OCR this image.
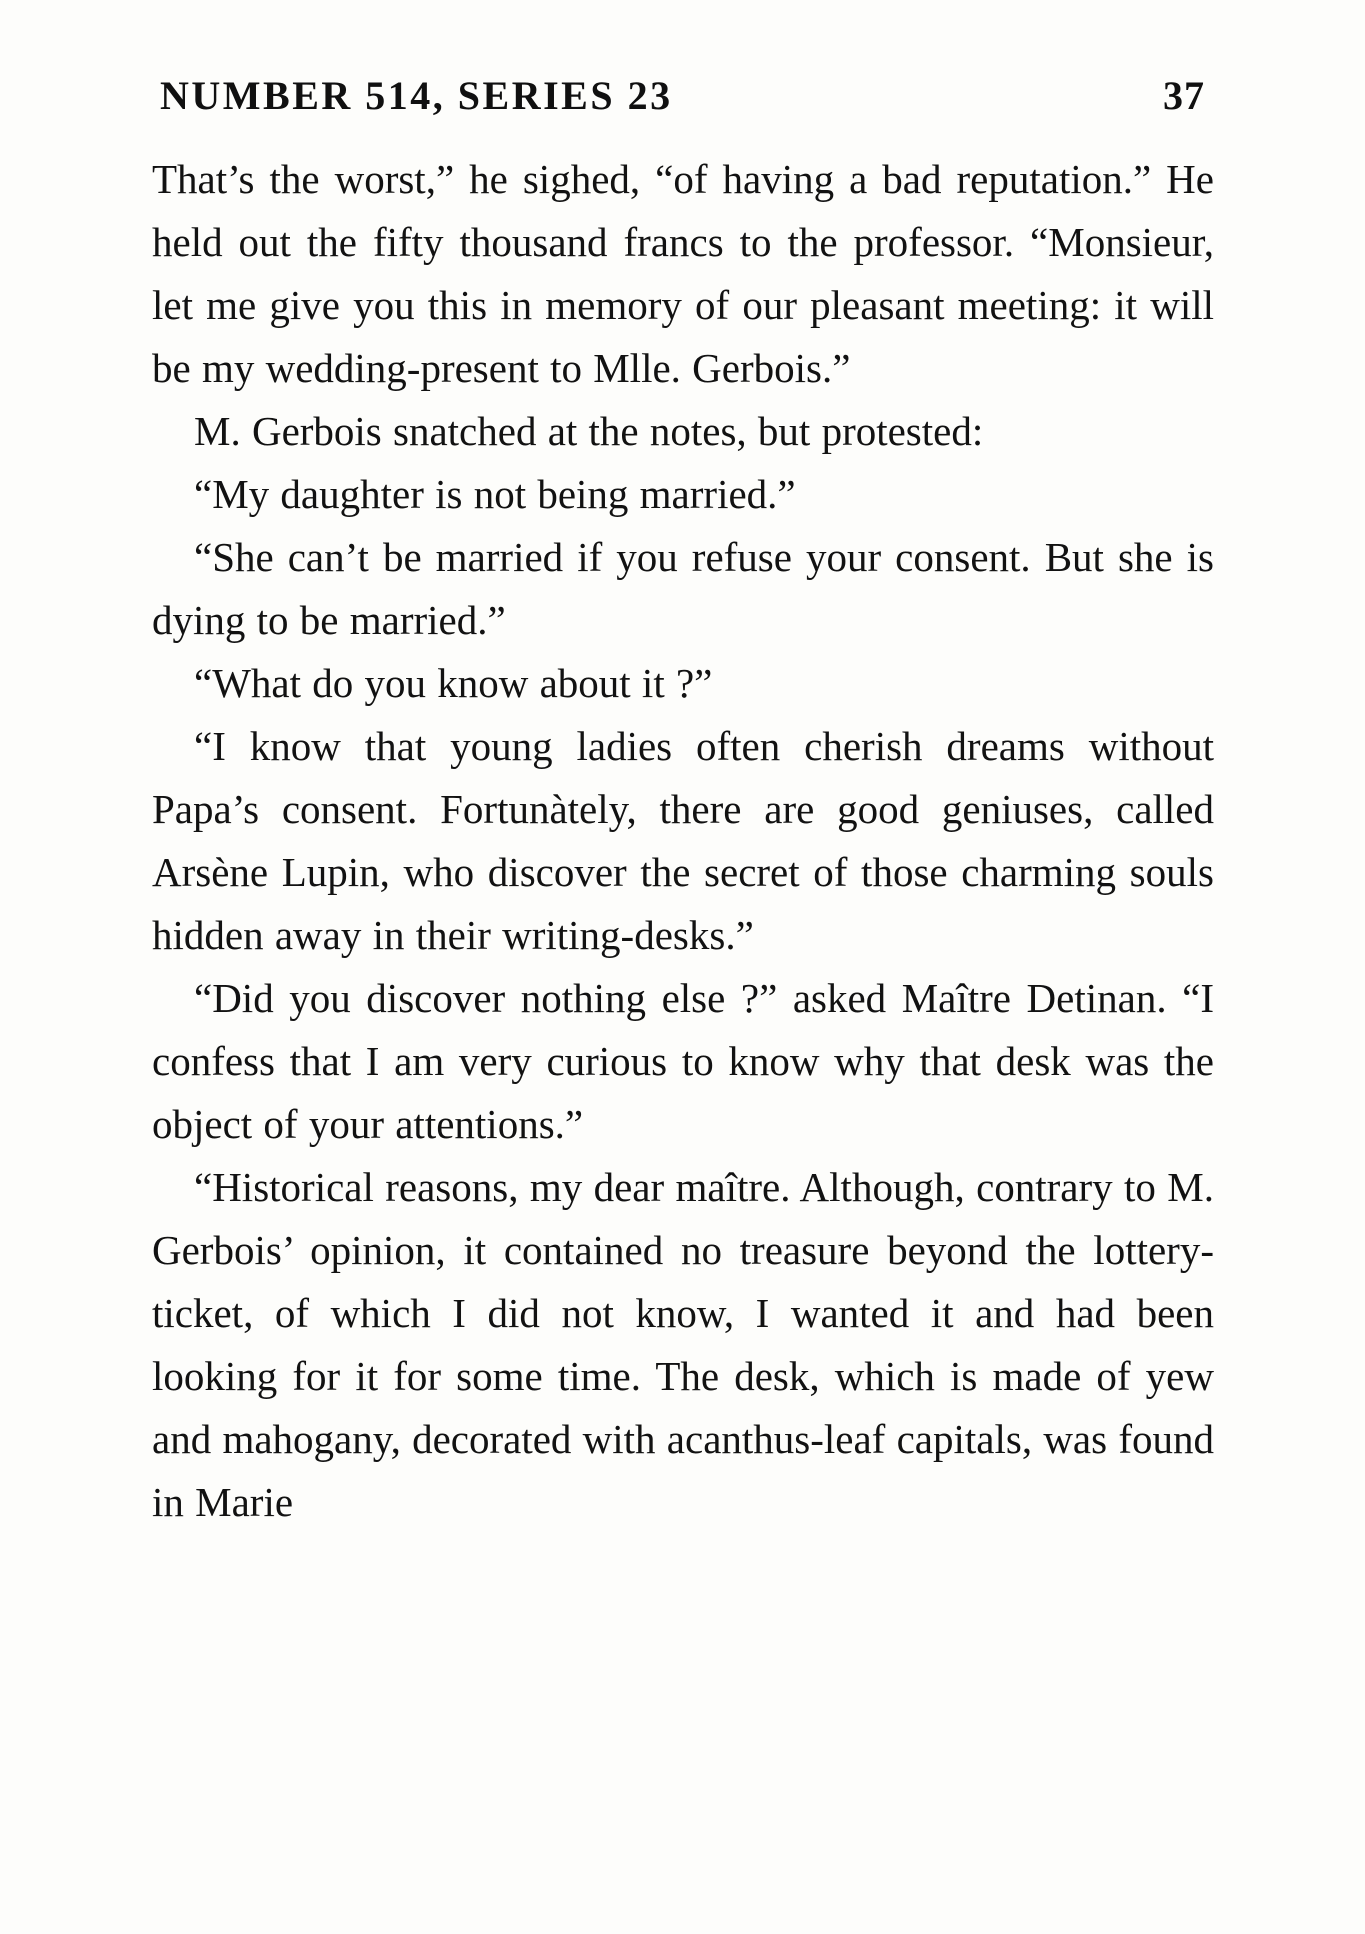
NUMBER 514, SERIES 23	37

That’s the worst,” he sighed, “of having a bad reputation.” He held out the fifty thousand francs to the professor. “Monsieur, let me give you this in memory of our pleasant meeting: it will be my wedding-present to Mlle. Gerbois.”

M. Gerbois snatched at the notes, but protested:

“My daughter is not being married.”

“She can’t be married if you refuse your consent. But she is dying to be married.”

“What do you know about it ?”

“I know that young ladies often cherish dreams without Papa’s consent. Fortunàtely, there are good geniuses, called Arsène Lupin, who discover the secret of those charming souls hidden away in their writing-desks.”

“Did you discover nothing else ?” asked Maître Detinan. “I confess that I am very curious to know why that desk was the object of your attentions.”

“Historical reasons, my dear maître. Although, contrary to M. Gerbois’ opinion, it contained no treasure beyond the lottery-ticket, of which I did not know, I wanted it and had been looking for it for some time. The desk, which is made of yew and mahogany, decorated with acanthus-leaf capitals, was found in Marie
